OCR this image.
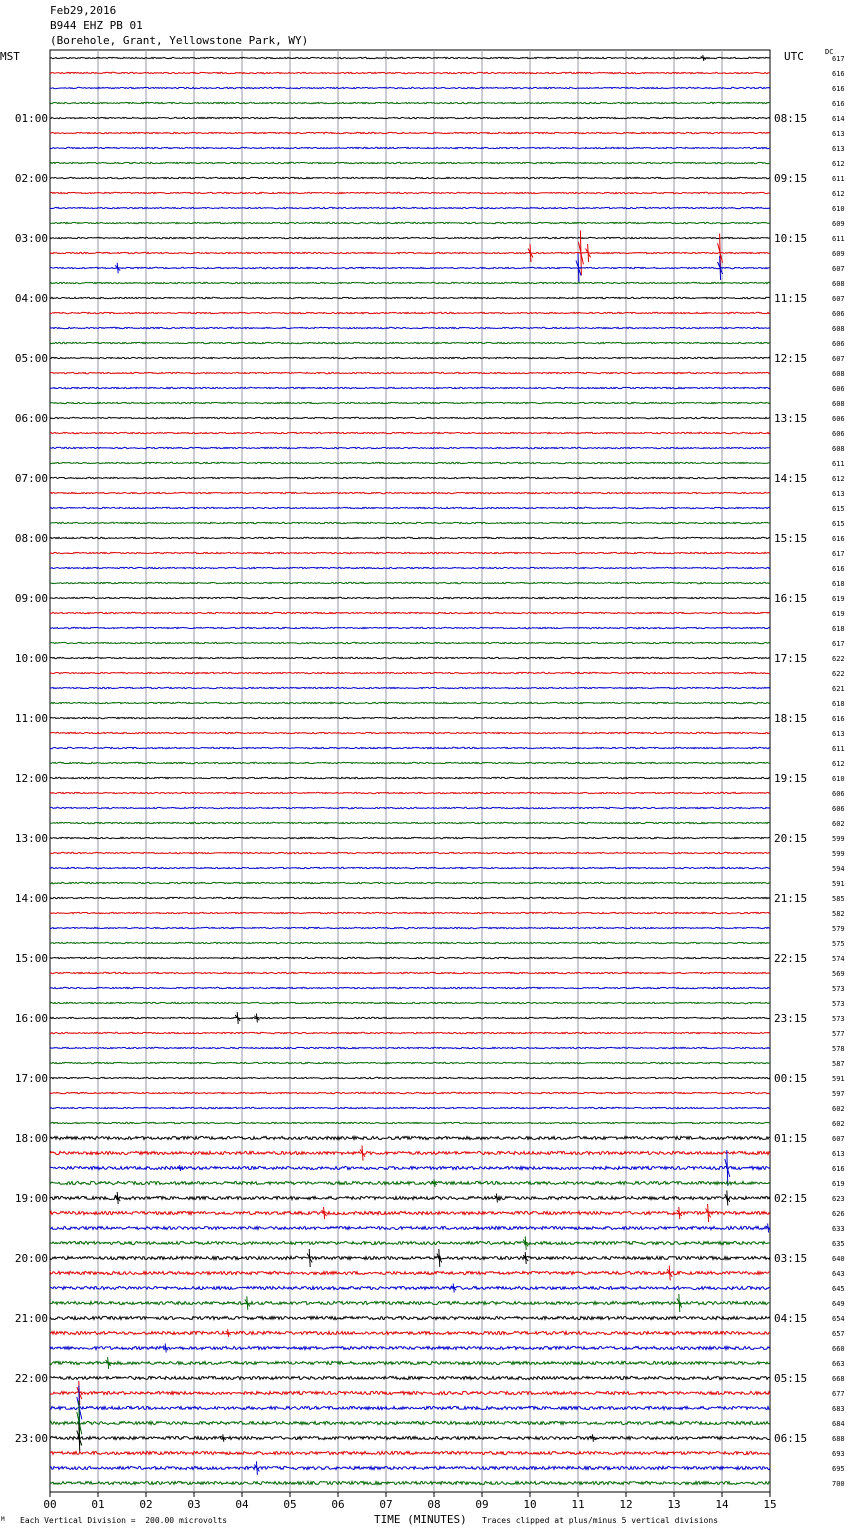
Feb29,2016
B944 EHZ PB 01
(Borehole, Grant, Yellowstone Park, WY)
MST	UTC	DC
617
616
616
616
614
613
613
612
611
612
610
609
611
609
607
608
607
606
608
606
607
608
606
608
606
606
608
611
612
613
615
615
616
617
616
618
619
619
618
617
622
622
621
618
616
613
611
612
610
606
606
602
599
599
594
591
585
582
579
575
574
569
573
573
573
577
578
587
591
597
602
602
607
613
616
619
623
626
633
635
640
643
645
649
654
657
660
663
668
677
683
684
688
693
695
700
01:00
02:00
03:00
04:00
05:00
06:00
07:00
08:00
09:00
10:00
11:00
12:00
13:00
14:00
15:00
16:00
17:00
18:00
19:00
20:00
21:00
22:00
23:00
08:15
09:15
10:15
11:15
12:15
13:15
14:15
15:15
16:15
17:15
18:15
19:15
20:15
21:15
22:15
23:15
00:15
01:15
02:15
03:15
04:15
05:15
06:15
00	01	02	03	04	05	06	07	08	09	10	11	12	13	14	15
M Each Vertical Division =  200.00 microvolts	TIME (MINUTES) Traces clipped at plus/minus 5 vertical divisions
